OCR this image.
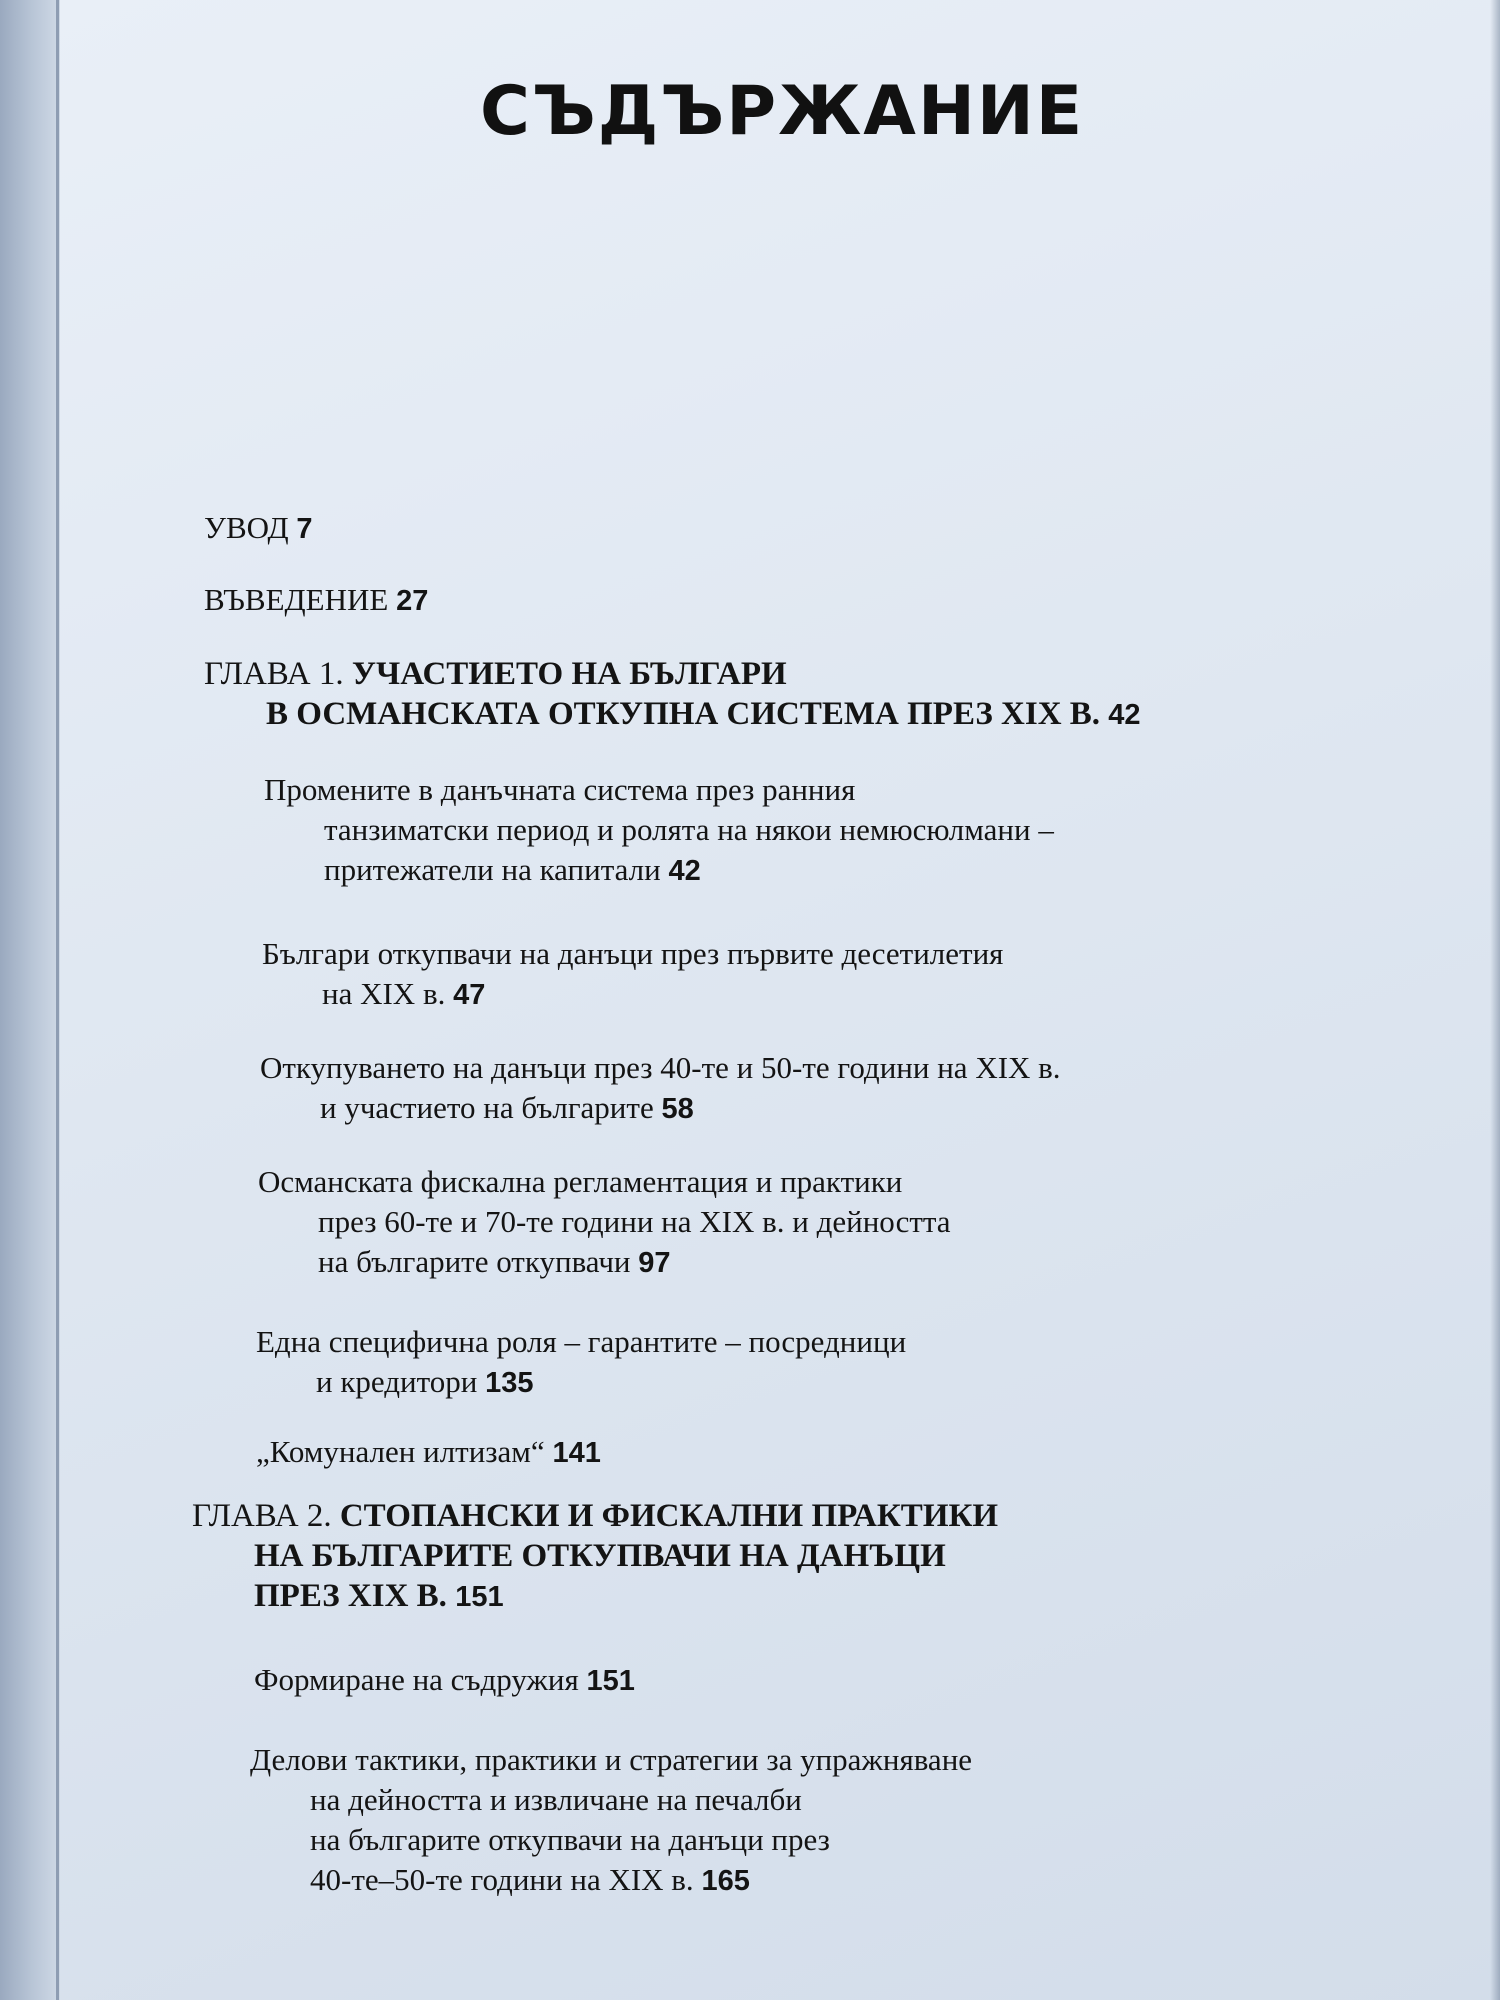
СЪДЪРЖАНИЕ
УВОД 7
ВЪВЕДЕНИЕ 27
ГЛАВА 1. УЧАСТИЕТО НА БЪЛГАРИ
В ОСМАНСКАТА ОТКУПНА СИСТЕМА ПРЕЗ XIX В. 42
Промените в данъчната система през ранния
танзиматски период и ролята на някои немюсюлмани –
притежатели на капитали 42
Българи откупвачи на данъци през първите десетилетия
на XIX в. 47
Откупуването на данъци през 40-те и 50-те години на XIX в.
и участието на българите 58
Османската фискална регламентация и практики
през 60-те и 70-те години на XIX в. и дейността
на българите откупвачи 97
Една специфична роля – гарантите – посредници
и кредитори 135
„Комунален илтизам“ 141
ГЛАВА 2. СТОПАНСКИ И ФИСКАЛНИ ПРАКТИКИ
НА БЪЛГАРИТЕ ОТКУПВАЧИ НА ДАНЪЦИ
ПРЕЗ XIX В. 151
Формиране на съдружия 151
Делови тактики, практики и стратегии за упражняване
на дейността и извличане на печалби
на българите откупвачи на данъци през
40-те–50-те години на XIX в. 165
